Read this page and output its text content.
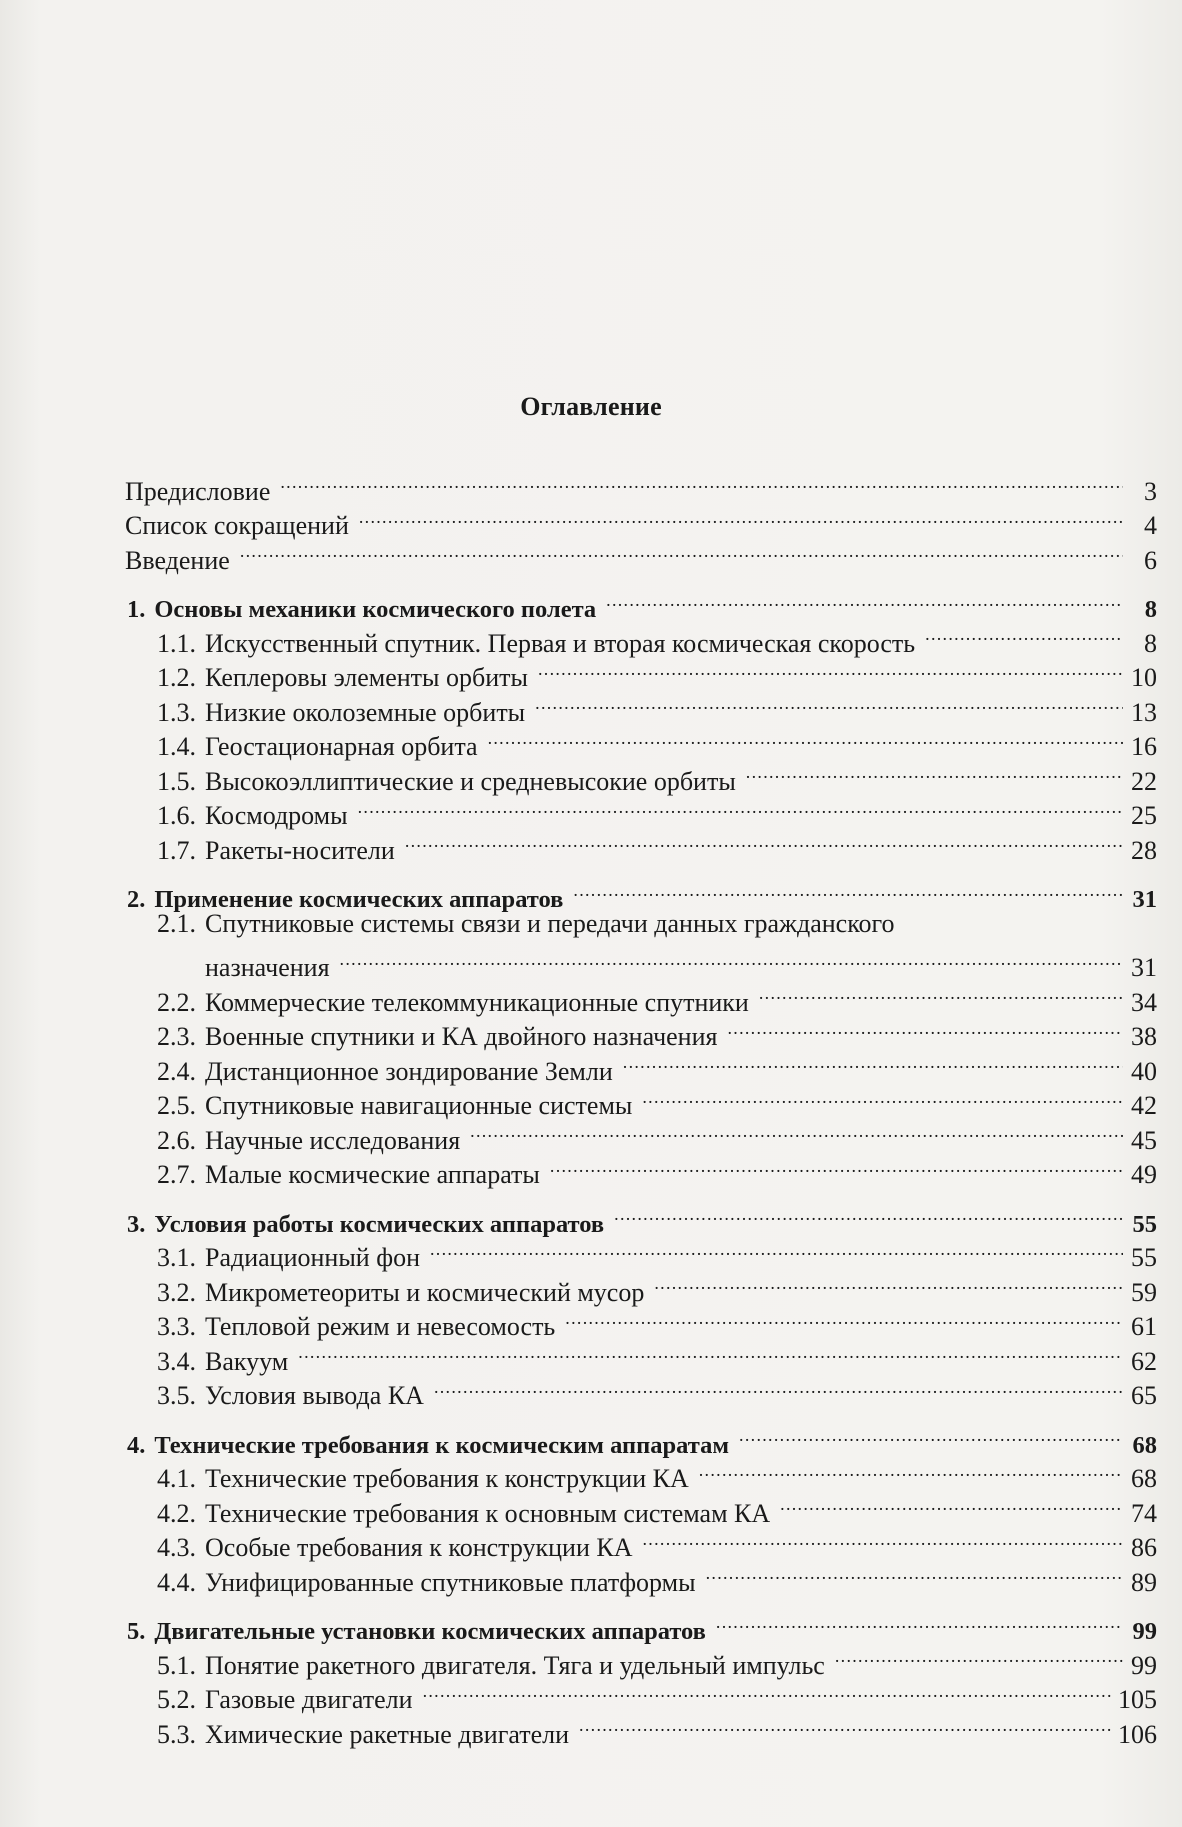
Оглавление
Предисловие . . .	3
Список сокращений . . .	4
Введение . . .	6
1. Основы механики космического полета . . .	8
1.1. Искусственный спутник. Первая и вторая космическая скорость . . .	8
1.2. Кеплеровы элементы орбиты . . .	10
1.3. Низкие околоземные орбиты . . .	13
1.4. Геостационарная орбита . . .	16
1.5. Высокоэллиптические и средневысокие орбиты . . .	22
1.6. Космодромы . . .	25
1.7. Ракеты-носители . . .	28
2. Применение космических аппаратов . . .	31
2.1. Спутниковые системы связи и передачи данных гражданского
назначения . . .	31
2.2. Коммерческие телекоммуникационные спутники . . .	34
2.3. Военные спутники и КА двойного назначения . . .	38
2.4. Дистанционное зондирование Земли . . .	40
2.5. Спутниковые навигационные системы . . .	42
2.6. Научные исследования . . .	45
2.7. Малые космические аппараты . . .	49
3. Условия работы космических аппаратов . . .	55
3.1. Радиационный фон . . .	55
3.2. Микрометеориты и космический мусор . . .	59
3.3. Тепловой режим и невесомость . . .	61
3.4. Вакуум . . .	62
3.5. Условия вывода КА . . .	65
4. Технические требования к космическим аппаратам . . .	68
4.1. Технические требования к конструкции КА . . .	68
4.2. Технические требования к основным системам КА . . .	74
4.3. Особые требования к конструкции КА . . .	86
4.4. Унифицированные спутниковые платформы . . .	89
5. Двигательные установки космических аппаратов . . .	99
5.1. Понятие ракетного двигателя. Тяга и удельный импульс . . .	99
5.2. Газовые двигатели . . .	105
5.3. Химические ракетные двигатели . . .	106
